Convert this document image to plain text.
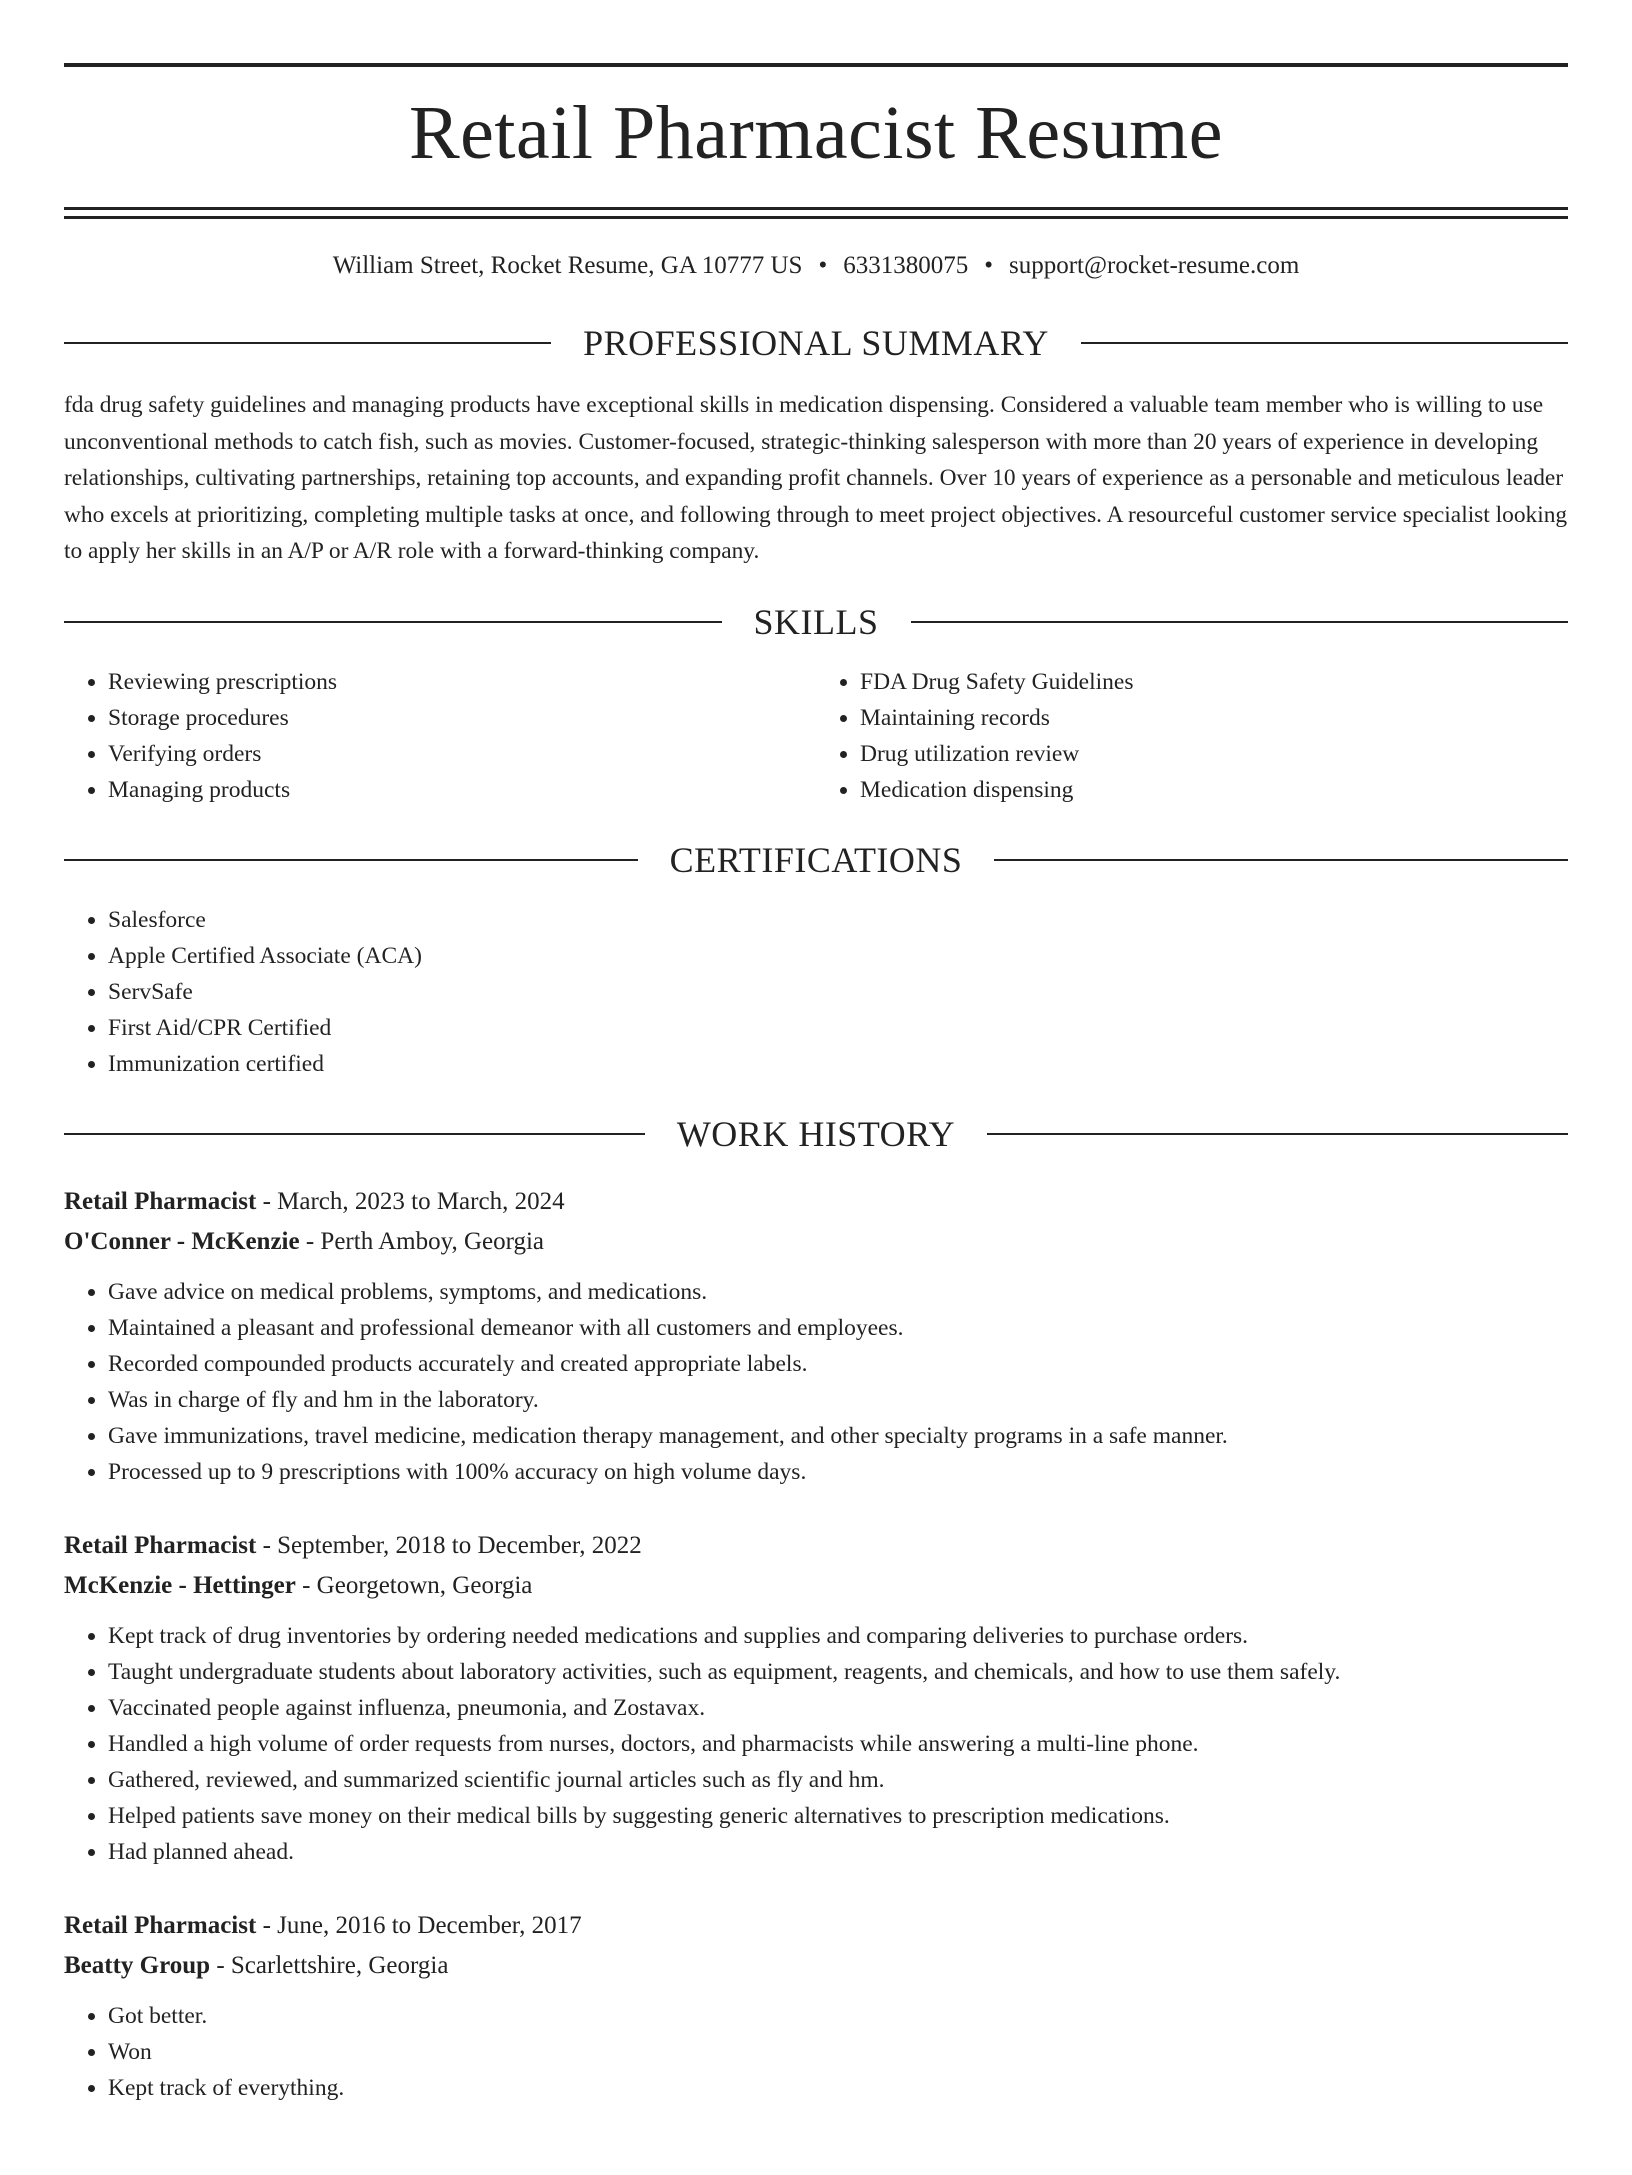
Retail Pharmacist Resume
William Street, Rocket Resume, GA 10777 US • 6331380075 • support@rocket-resume.com
PROFESSIONAL SUMMARY

fda drug safety guidelines and managing products have exceptional skills in medication dispensing. Considered a valuable team member who is willing to use unconventional methods to catch fish, such as movies. Customer-focused, strategic-thinking salesperson with more than 20 years of experience in developing relationships, cultivating partnerships, retaining top accounts, and expanding profit channels. Over 10 years of experience as a personable and meticulous leader who excels at prioritizing, completing multiple tasks at once, and following through to meet project objectives. A resourceful customer service specialist looking to apply her skills in an A/P or A/R role with a forward-thinking company.

SKILLS
• Reviewing prescriptions
• Storage procedures
• Verifying orders
• Managing products
• FDA Drug Safety Guidelines
• Maintaining records
• Drug utilization review
• Medication dispensing
CERTIFICATIONS
• Salesforce
• Apple Certified Associate (ACA)
• ServSafe
• First Aid/CPR Certified
• Immunization certified
WORK HISTORY
Retail Pharmacist - March, 2023 to March, 2024
O'Conner - McKenzie - Perth Amboy, Georgia
• Gave advice on medical problems, symptoms, and medications.
• Maintained a pleasant and professional demeanor with all customers and employees.
• Recorded compounded products accurately and created appropriate labels.
• Was in charge of fly and hm in the laboratory.
• Gave immunizations, travel medicine, medication therapy management, and other specialty programs in a safe manner.
• Processed up to 9 prescriptions with 100% accuracy on high volume days.
Retail Pharmacist - September, 2018 to December, 2022
McKenzie - Hettinger - Georgetown, Georgia
• Kept track of drug inventories by ordering needed medications and supplies and comparing deliveries to purchase orders.
• Taught undergraduate students about laboratory activities, such as equipment, reagents, and chemicals, and how to use them safely.
• Vaccinated people against influenza, pneumonia, and Zostavax.
• Handled a high volume of order requests from nurses, doctors, and pharmacists while answering a multi-line phone.
• Gathered, reviewed, and summarized scientific journal articles such as fly and hm.
• Helped patients save money on their medical bills by suggesting generic alternatives to prescription medications.
• Had planned ahead.
Retail Pharmacist - June, 2016 to December, 2017
Beatty Group - Scarlettshire, Georgia
• Got better.
• Won
• Kept track of everything.
